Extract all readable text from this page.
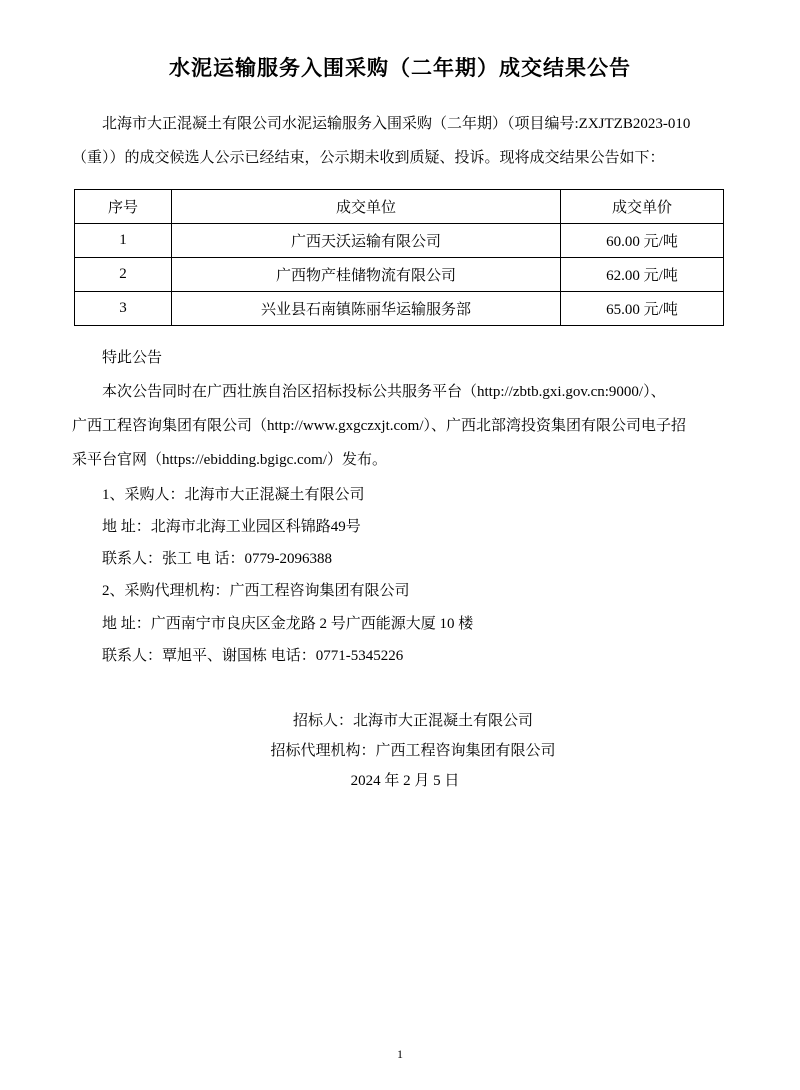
水泥运输服务入围采购（二年期）成交结果公告

北海市大正混凝土有限公司水泥运输服务入围采购（二年期）（项目编号:ZXJTZB2023-010

（重））的成交候选人公示已经结束，公示期未收到质疑、投诉。现将成交结果公告如下：

序号	成交单位	成交单价
1	广西天沃运输有限公司	60.00 元/吨
2	广西物产桂储物流有限公司	62.00 元/吨
3	兴业县石南镇陈丽华运输服务部	65.00 元/吨

特此公告

本次公告同时在广西壮族自治区招标投标公共服务平台（http://zbtb.gxi.gov.cn:9000/）、

广西工程咨询集团有限公司（http://www.gxgczxjt.com/）、广西北部湾投资集团有限公司电子招

采平台官网（https://ebidding.bgigc.com/）发布。

1、采购人：北海市大正混凝土有限公司

地 址：北海市北海工业园区科锦路49号

联系人：张工 电 话：0779-2096388

2、采购代理机构：广西工程咨询集团有限公司

地 址：广西南宁市良庆区金龙路 2 号广西能源大厦 10 楼

联系人：覃旭平、谢国栋 电话：0771-5345226

招标人：北海市大正混凝土有限公司
招标代理机构：广西工程咨询集团有限公司
2024 年 2 月 5 日
1
